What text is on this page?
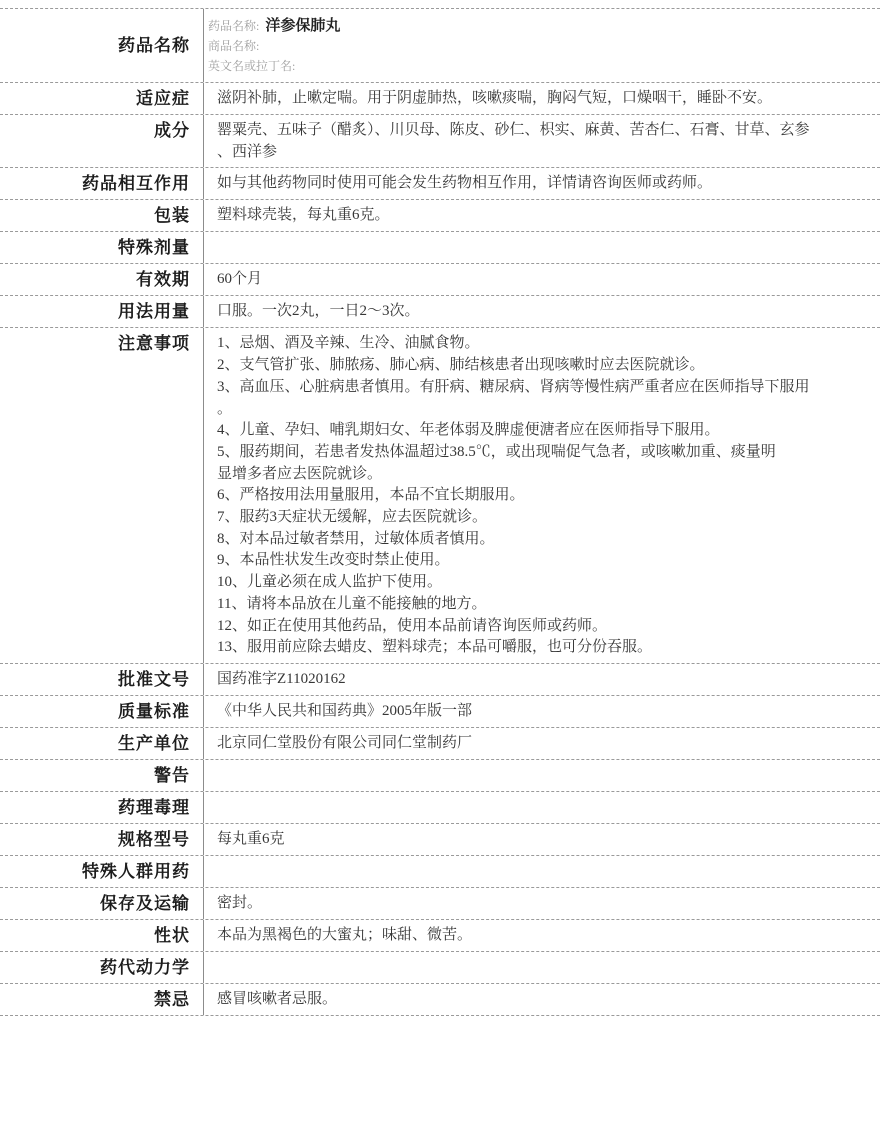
药品名称
药品名称: 洋参保肺丸
商品名称:
英文名或拉丁名:
适应症	滋阴补肺，止嗽定喘。用于阴虚肺热，咳嗽痰喘，胸闷气短，口燥咽干，睡卧不安。
成分	罂粟壳、五味子（醋炙）、川贝母、陈皮、砂仁、枳实、麻黄、苦杏仁、石膏、甘草、玄参
、西洋参
药品相互作用	如与其他药物同时使用可能会发生药物相互作用，详情请咨询医师或药师。
包装	塑料球壳装，每丸重6克。
特殊剂量
有效期	60个月
用法用量	口服。一次2丸，一日2～3次。
注意事项	1、忌烟、酒及辛辣、生冷、油腻食物。
2、支气管扩张、肺脓疡、肺心病、肺结核患者出现咳嗽时应去医院就诊。
3、高血压、心脏病患者慎用。有肝病、糖尿病、肾病等慢性病严重者应在医师指导下服用
。
4、儿童、孕妇、哺乳期妇女、年老体弱及脾虚便溏者应在医师指导下服用。
5、服药期间，若患者发热体温超过38.5℃，或出现喘促气急者，或咳嗽加重、痰量明
显增多者应去医院就诊。
6、严格按用法用量服用，本品不宜长期服用。
7、服药3天症状无缓解，应去医院就诊。
8、对本品过敏者禁用，过敏体质者慎用。
9、本品性状发生改变时禁止使用。
10、儿童必须在成人监护下使用。
11、请将本品放在儿童不能接触的地方。
12、如正在使用其他药品，使用本品前请咨询医师或药师。
13、服用前应除去蜡皮、塑料球壳；本品可嚼服，也可分份吞服。
批准文号	国药准字Z11020162
质量标准	《中华人民共和国药典》2005年版一部
生产单位	北京同仁堂股份有限公司同仁堂制药厂
警告
药理毒理
规格型号	每丸重6克
特殊人群用药
保存及运输	密封。
性状	本品为黑褐色的大蜜丸；味甜、微苦。
药代动力学
禁忌	感冒咳嗽者忌服。
